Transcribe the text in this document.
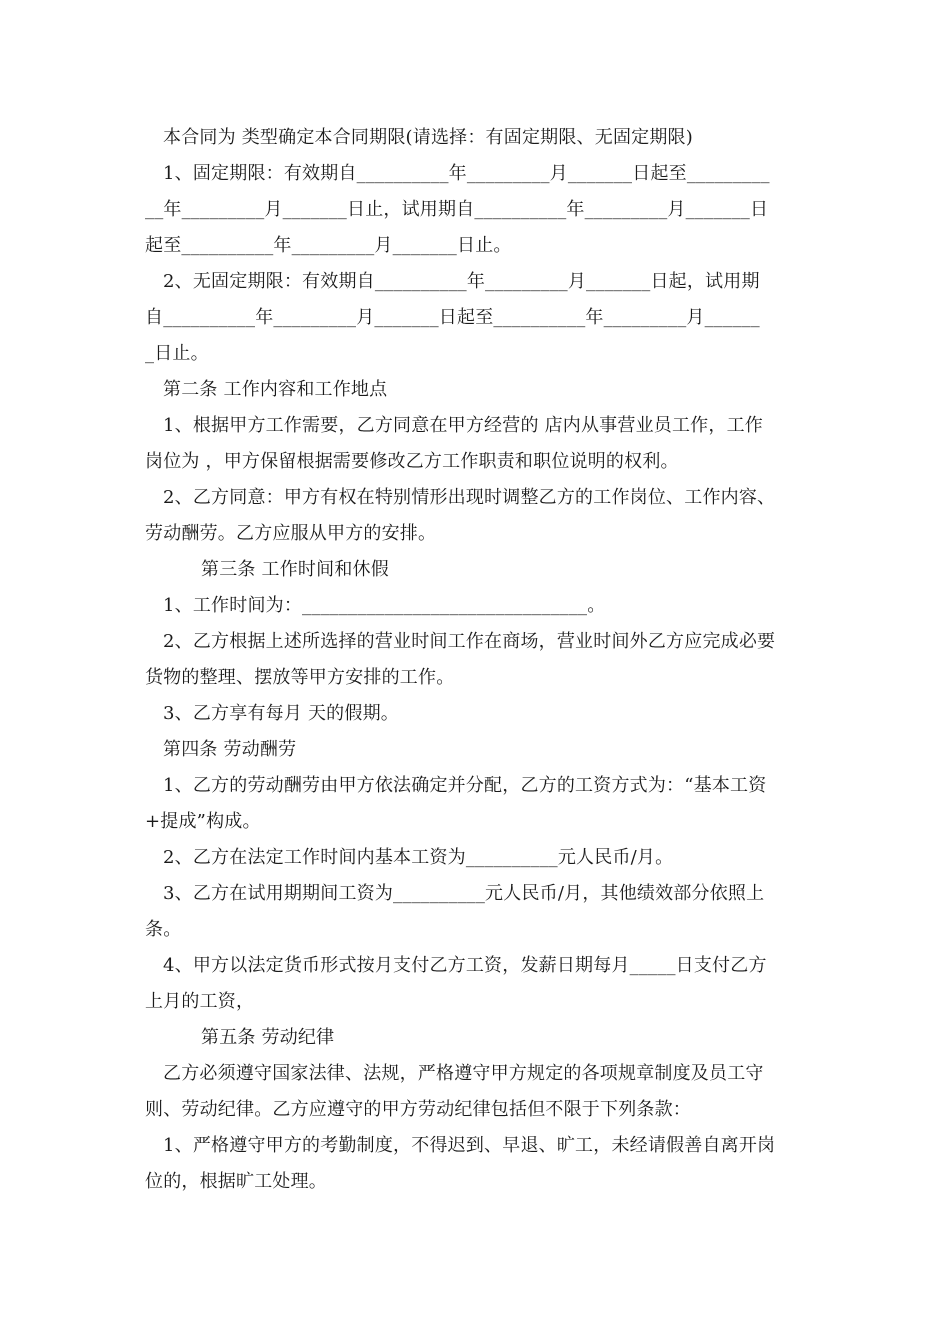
本合同为 类型确定本合同期限(请选择：有固定期限、无固定期限)
1、固定期限：有效期自__________年_________月_______日起至_________
__年_________月_______日止，试用期自__________年_________月_______日
起至__________年_________月_______日止。
2、无固定期限：有效期自__________年_________月_______日起，试用期
自__________年_________月_______日起至__________年_________月______
_日止。
第二条 工作内容和工作地点
1、根据甲方工作需要，乙方同意在甲方经营的 店内从事营业员工作，工作
岗位为 ，甲方保留根据需要修改乙方工作职责和职位说明的权利。
2、乙方同意：甲方有权在特别情形出现时调整乙方的工作岗位、工作内容、
劳动酬劳。乙方应服从甲方的安排。
第三条 工作时间和休假
1、工作时间为：_______________________________。
2、乙方根据上述所选择的营业时间工作在商场，营业时间外乙方应完成必要
货物的整理、摆放等甲方安排的工作。
3、乙方享有每月 天的假期。
第四条 劳动酬劳
1、乙方的劳动酬劳由甲方依法确定并分配，乙方的工资方式为：“基本工资
+提成”构成。
2、乙方在法定工作时间内基本工资为__________元人民币/月。
3、乙方在试用期期间工资为__________元人民币/月，其他绩效部分依照上
条。
4、甲方以法定货币形式按月支付乙方工资，发薪日期每月_____日支付乙方
上月的工资，
第五条 劳动纪律
乙方必须遵守国家法律、法规，严格遵守甲方规定的各项规章制度及员工守
则、劳动纪律。乙方应遵守的甲方劳动纪律包括但不限于下列条款：
1、严格遵守甲方的考勤制度，不得迟到、早退、旷工，未经请假善自离开岗
位的，根据旷工处理。
